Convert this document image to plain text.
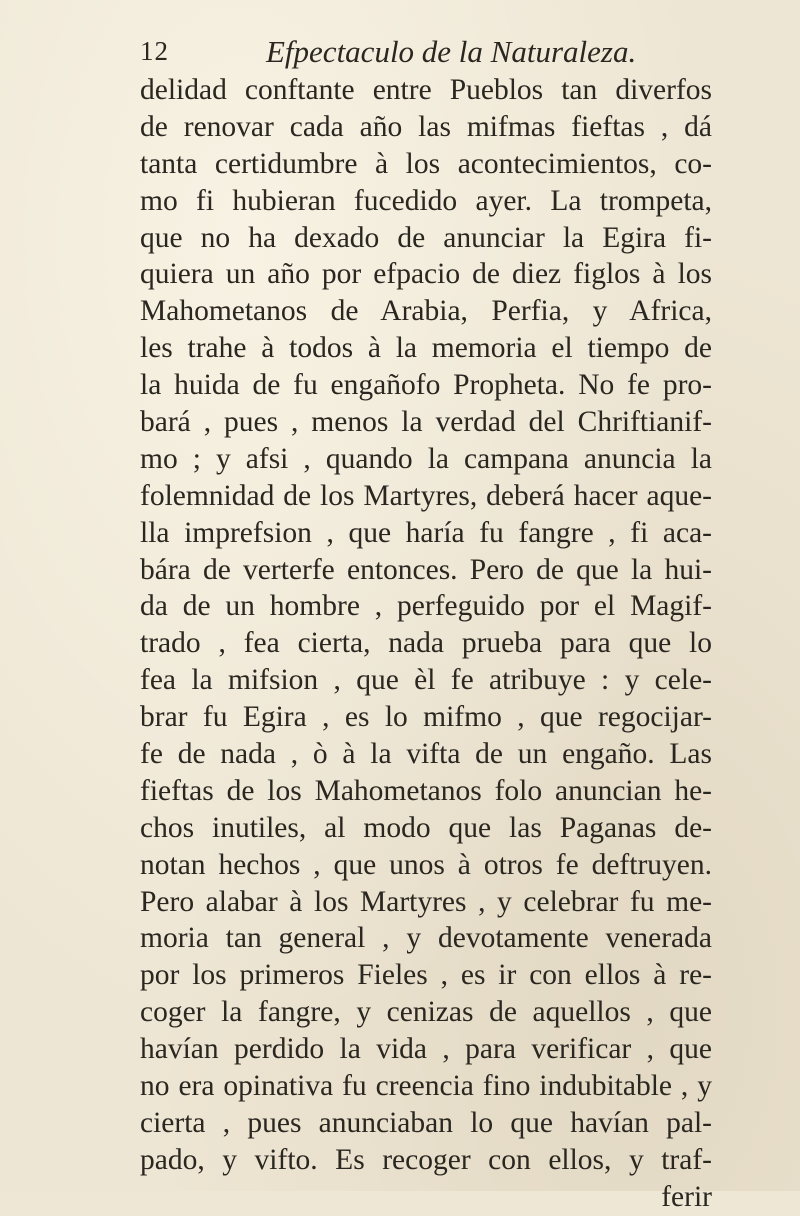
12	Efpectaculo de la Naturaleza.
delidad conftante entre Pueblos tan diverfos
de renovar cada año las mifmas fieftas , dá
tanta certidumbre à los acontecimientos, co-
mo fi hubieran fucedido ayer. La trompeta,
que no ha dexado de anunciar la Egira fi-
quiera un año por efpacio de diez figlos à los
Mahometanos de Arabia, Perfia, y Africa,
les trahe à todos à la memoria el tiempo de
la huida de fu engañofo Propheta. No fe pro-
bará , pues , menos la verdad del Chriftianif-
mo ; y afsi , quando la campana anuncia la
folemnidad de los Martyres, deberá hacer aque-
lla imprefsion , que haría fu fangre , fi aca-
bára de verterfe entonces. Pero de que la hui-
da de un hombre , perfeguido por el Magif-
trado , fea cierta, nada prueba para que lo
fea la mifsion , que èl fe atribuye : y cele-
brar fu Egira , es lo mifmo , que regocijar-
fe de nada , ò à la vifta de un engaño. Las
fieftas de los Mahometanos folo anuncian he-
chos inutiles, al modo que las Paganas de-
notan hechos , que unos à otros fe deftruyen.
Pero alabar à los Martyres , y celebrar fu me-
moria tan general , y devotamente venerada
por los primeros Fieles , es ir con ellos à re-
coger la fangre, y cenizas de aquellos , que
havían perdido la vida , para verificar , que
no era opinativa fu creencia fino indubitable , y
cierta , pues anunciaban lo que havían pal-
pado, y vifto. Es recoger con ellos, y traf-
ferir
